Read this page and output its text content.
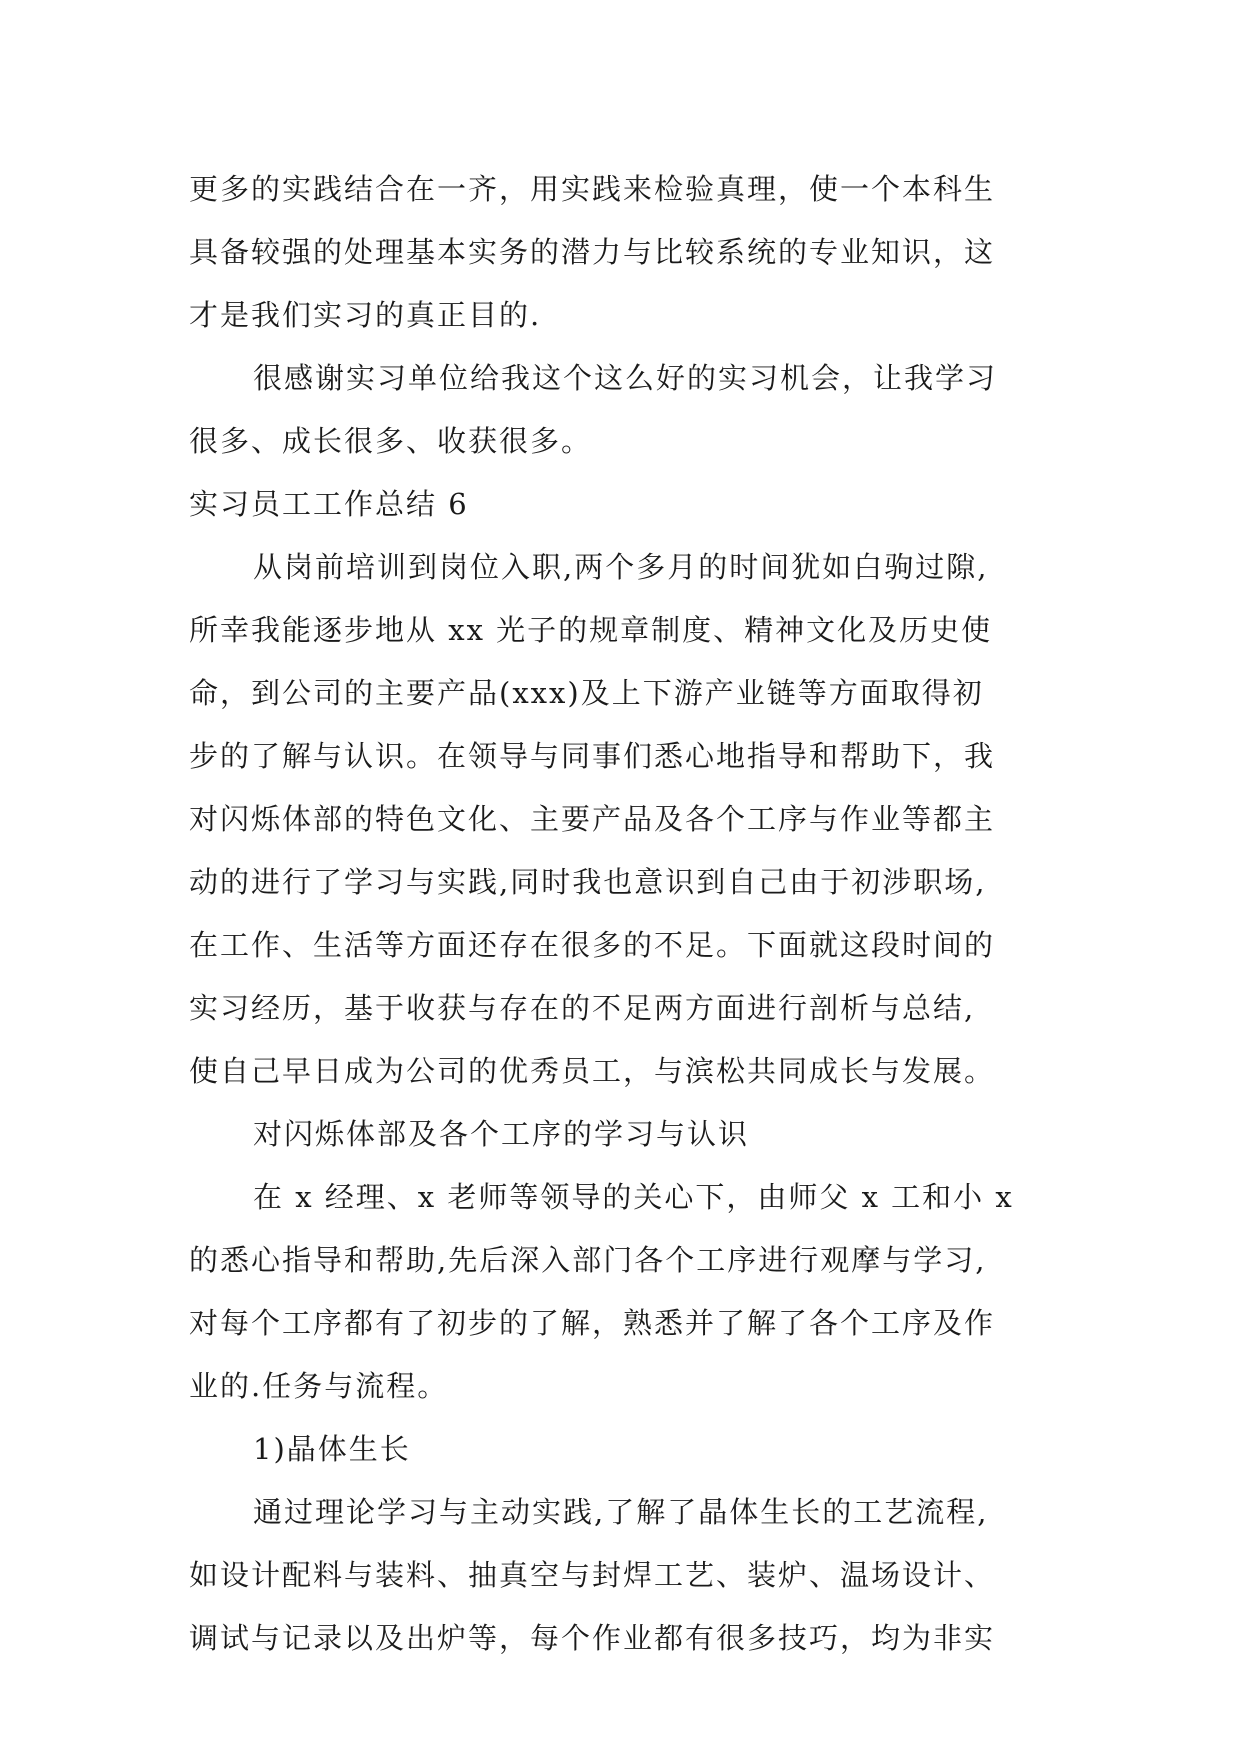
更多的实践结合在一齐，用实践来检验真理，使一个本科生
具备较强的处理基本实务的潜力与比较系统的专业知识，这
才是我们实习的真正目的.
很感谢实习单位给我这个这么好的实习机会，让我学习
很多、成长很多、收获很多。
实习员工工作总结 6
从岗前培训到岗位入职,两个多月的时间犹如白驹过隙,
所幸我能逐步地从 xx 光子的规章制度、精神文化及历史使
命，到公司的主要产品(xxx)及上下游产业链等方面取得初
步的了解与认识。在领导与同事们悉心地指导和帮助下，我
对闪烁体部的特色文化、主要产品及各个工序与作业等都主
动的进行了学习与实践,同时我也意识到自己由于初涉职场,
在工作、生活等方面还存在很多的不足。下面就这段时间的
实习经历，基于收获与存在的不足两方面进行剖析与总结,
使自己早日成为公司的优秀员工，与滨松共同成长与发展。
对闪烁体部及各个工序的学习与认识
在 x 经理、x 老师等领导的关心下，由师父 x 工和小 x
的悉心指导和帮助,先后深入部门各个工序进行观摩与学习,
对每个工序都有了初步的了解，熟悉并了解了各个工序及作
业的.任务与流程。
1)晶体生长
通过理论学习与主动实践,了解了晶体生长的工艺流程,
如设计配料与装料、抽真空与封焊工艺、装炉、温场设计、
调试与记录以及出炉等，每个作业都有很多技巧，均为非实
